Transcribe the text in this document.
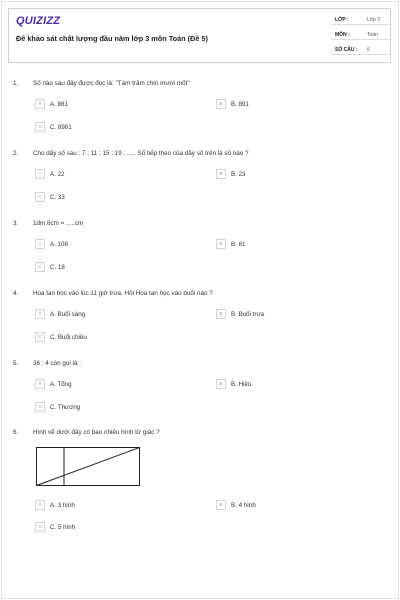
QUIZIZZ
Đề khảo sát chất lượng đầu năm lớp 3 môn Toán (Đề 5)
LỚP :	Lớp 3
MÔN :	Toán
SỐ CÂU : 6
1. Số nào sau đây được đọc là: "Tám trăm chín mươi mốt"
A	A. 881	B	B. 891
C	C. 8901
2. Cho dãy số sau : 7 ; 11 ; 15 ; 19 ; ..... Số tiếp theo của dãy số trên là số nào ?
A	A. 22	B	B. 23
C	C. 33
3. 1dm 8cm = .....cm
A	A. 108	B	B. 81
C	C. 18
4. Hoa tan học vào lúc 11 giờ trưa. Hỏi Hoa tan học vào buổi nào ?
A	A. Buổi sáng	B	B. Buổi trưa
C	C. Buổi chiều
5. 36 : 4 còn gọi là :
A	A. Tổng	B	B. Hiệu
C	C. Thương
6. Hình vẽ dưới đây có bao nhiêu hình tứ giác ?
A	A. 3 hình	B	B. 4 hình
C	C. 5 hình
